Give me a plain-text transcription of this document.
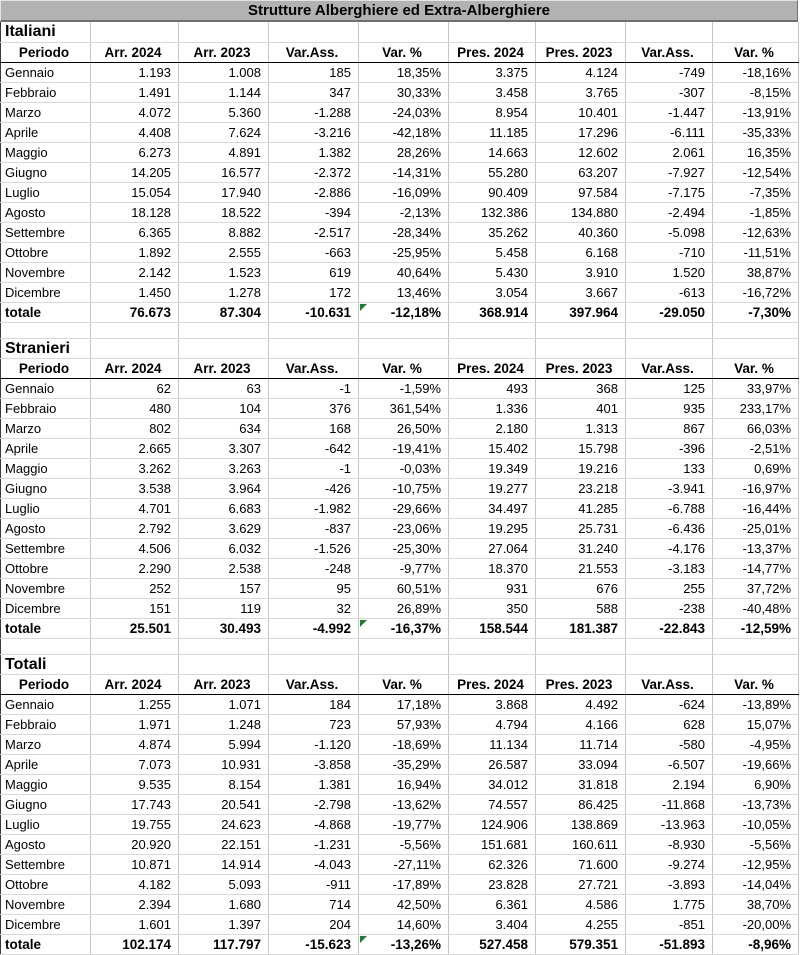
Strutture Alberghiere ed Extra-Alberghiere
Italiani								
Periodo	Arr. 2024	Arr. 2023	Var.Ass.	Var. %	Pres. 2024	Pres. 2023	Var.Ass.	Var. %
Gennaio	1.193	1.008	185	18,35%	3.375	4.124	-749	-18,16%
Febbraio	1.491	1.144	347	30,33%	3.458	3.765	-307	-8,15%
Marzo	4.072	5.360	-1.288	-24,03%	8.954	10.401	-1.447	-13,91%
Aprile	4.408	7.624	-3.216	-42,18%	11.185	17.296	-6.111	-35,33%
Maggio	6.273	4.891	1.382	28,26%	14.663	12.602	2.061	16,35%
Giugno	14.205	16.577	-2.372	-14,31%	55.280	63.207	-7.927	-12,54%
Luglio	15.054	17.940	-2.886	-16,09%	90.409	97.584	-7.175	-7,35%
Agosto	18.128	18.522	-394	-2,13%	132.386	134.880	-2.494	-1,85%
Settembre	6.365	8.882	-2.517	-28,34%	35.262	40.360	-5.098	-12,63%
Ottobre	1.892	2.555	-663	-25,95%	5.458	6.168	-710	-11,51%
Novembre	2.142	1.523	619	40,64%	5.430	3.910	1.520	38,87%
Dicembre	1.450	1.278	172	13,46%	3.054	3.667	-613	-16,72%
totale	76.673	87.304	-10.631	-12,18%	368.914	397.964	-29.050	-7,30%

Stranieri								
Periodo	Arr. 2024	Arr. 2023	Var.Ass.	Var. %	Pres. 2024	Pres. 2023	Var.Ass.	Var. %
Gennaio	62	63	-1	-1,59%	493	368	125	33,97%
Febbraio	480	104	376	361,54%	1.336	401	935	233,17%
Marzo	802	634	168	26,50%	2.180	1.313	867	66,03%
Aprile	2.665	3.307	-642	-19,41%	15.402	15.798	-396	-2,51%
Maggio	3.262	3.263	-1	-0,03%	19.349	19.216	133	0,69%
Giugno	3.538	3.964	-426	-10,75%	19.277	23.218	-3.941	-16,97%
Luglio	4.701	6.683	-1.982	-29,66%	34.497	41.285	-6.788	-16,44%
Agosto	2.792	3.629	-837	-23,06%	19.295	25.731	-6.436	-25,01%
Settembre	4.506	6.032	-1.526	-25,30%	27.064	31.240	-4.176	-13,37%
Ottobre	2.290	2.538	-248	-9,77%	18.370	21.553	-3.183	-14,77%
Novembre	252	157	95	60,51%	931	676	255	37,72%
Dicembre	151	119	32	26,89%	350	588	-238	-40,48%
totale	25.501	30.493	-4.992	-16,37%	158.544	181.387	-22.843	-12,59%

Totali								
Periodo	Arr. 2024	Arr. 2023	Var.Ass.	Var. %	Pres. 2024	Pres. 2023	Var.Ass.	Var. %
Gennaio	1.255	1.071	184	17,18%	3.868	4.492	-624	-13,89%
Febbraio	1.971	1.248	723	57,93%	4.794	4.166	628	15,07%
Marzo	4.874	5.994	-1.120	-18,69%	11.134	11.714	-580	-4,95%
Aprile	7.073	10.931	-3.858	-35,29%	26.587	33.094	-6.507	-19,66%
Maggio	9.535	8.154	1.381	16,94%	34.012	31.818	2.194	6,90%
Giugno	17.743	20.541	-2.798	-13,62%	74.557	86.425	-11.868	-13,73%
Luglio	19.755	24.623	-4.868	-19,77%	124.906	138.869	-13.963	-10,05%
Agosto	20.920	22.151	-1.231	-5,56%	151.681	160.611	-8.930	-5,56%
Settembre	10.871	14.914	-4.043	-27,11%	62.326	71.600	-9.274	-12,95%
Ottobre	4.182	5.093	-911	-17,89%	23.828	27.721	-3.893	-14,04%
Novembre	2.394	1.680	714	42,50%	6.361	4.586	1.775	38,70%
Dicembre	1.601	1.397	204	14,60%	3.404	4.255	-851	-20,00%
totale	102.174	117.797	-15.623	-13,26%	527.458	579.351	-51.893	-8,96%
